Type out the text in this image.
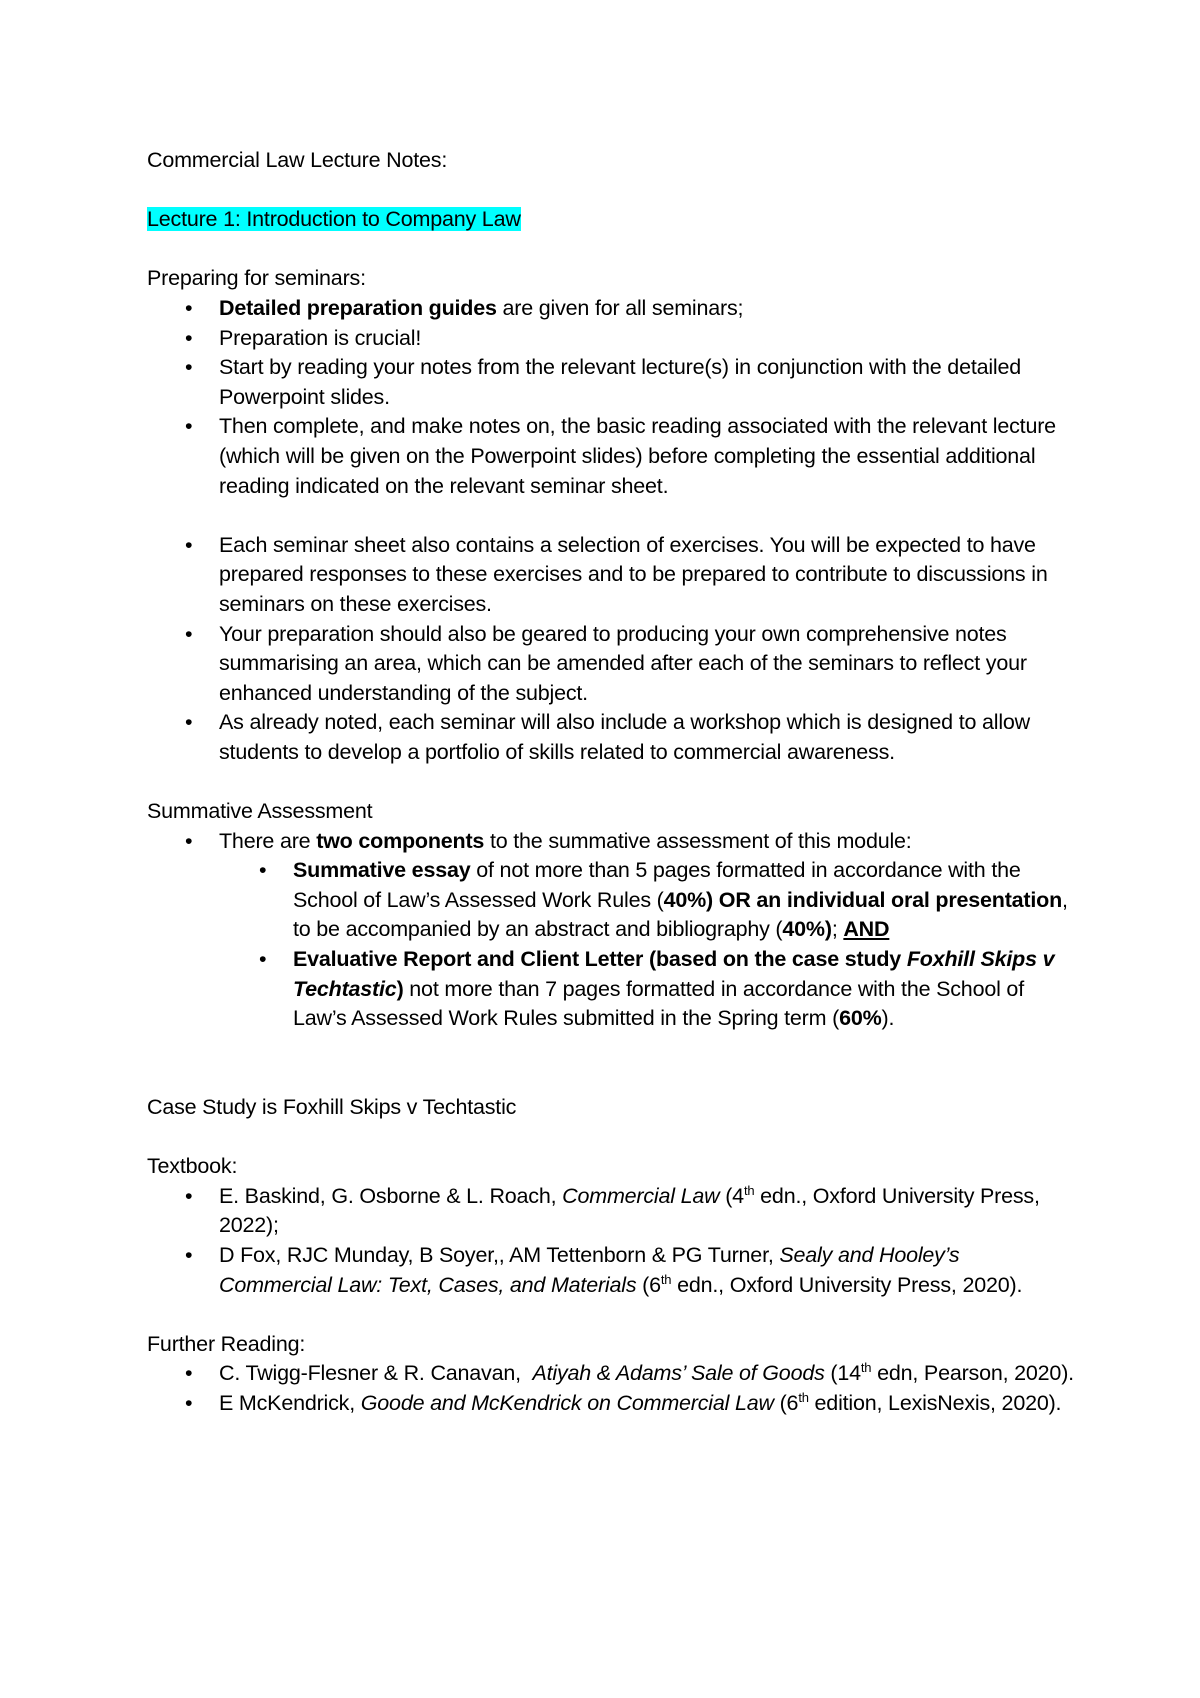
Commercial Law Lecture Notes:

Lecture 1: Introduction to Company Law

Preparing for seminars:

• Detailed preparation guides are given for all seminars;
• Preparation is crucial!
• Start by reading your notes from the relevant lecture(s) in conjunction with the detailed Powerpoint slides.
• Then complete, and make notes on, the basic reading associated with the relevant lecture (which will be given on the Powerpoint slides) before completing the essential additional reading indicated on the relevant seminar sheet.
• Each seminar sheet also contains a selection of exercises. You will be expected to have prepared responses to these exercises and to be prepared to contribute to discussions in seminars on these exercises.
• Your preparation should also be geared to producing your own comprehensive notes summarising an area, which can be amended after each of the seminars to reflect your enhanced understanding of the subject.
• As already noted, each seminar will also include a workshop which is designed to allow students to develop a portfolio of skills related to commercial awareness.

Summative Assessment

• There are two components to the summative assessment of this module:
• Summative essay of not more than 5 pages formatted in accordance with the School of Law’s Assessed Work Rules (40%) OR an individual oral presentation, to be accompanied by an abstract and bibliography (40%); AND
• Evaluative Report and Client Letter (based on the case study Foxhill Skips v Techtastic) not more than 7 pages formatted in accordance with the School of Law’s Assessed Work Rules submitted in the Spring term (60%).

Case Study is Foxhill Skips v Techtastic

Textbook:

• E. Baskind, G. Osborne & L. Roach, Commercial Law (4th edn., Oxford University Press, 2022);
• D Fox, RJC Munday, B Soyer,, AM Tettenborn & PG Turner, Sealy and Hooley’s Commercial Law: Text, Cases, and Materials (6th edn., Oxford University Press, 2020).

Further Reading:

• C. Twigg-Flesner & R. Canavan,  Atiyah & Adams’ Sale of Goods (14th edn, Pearson, 2020).
• E McKendrick, Goode and McKendrick on Commercial Law (6th edition, LexisNexis, 2020).
